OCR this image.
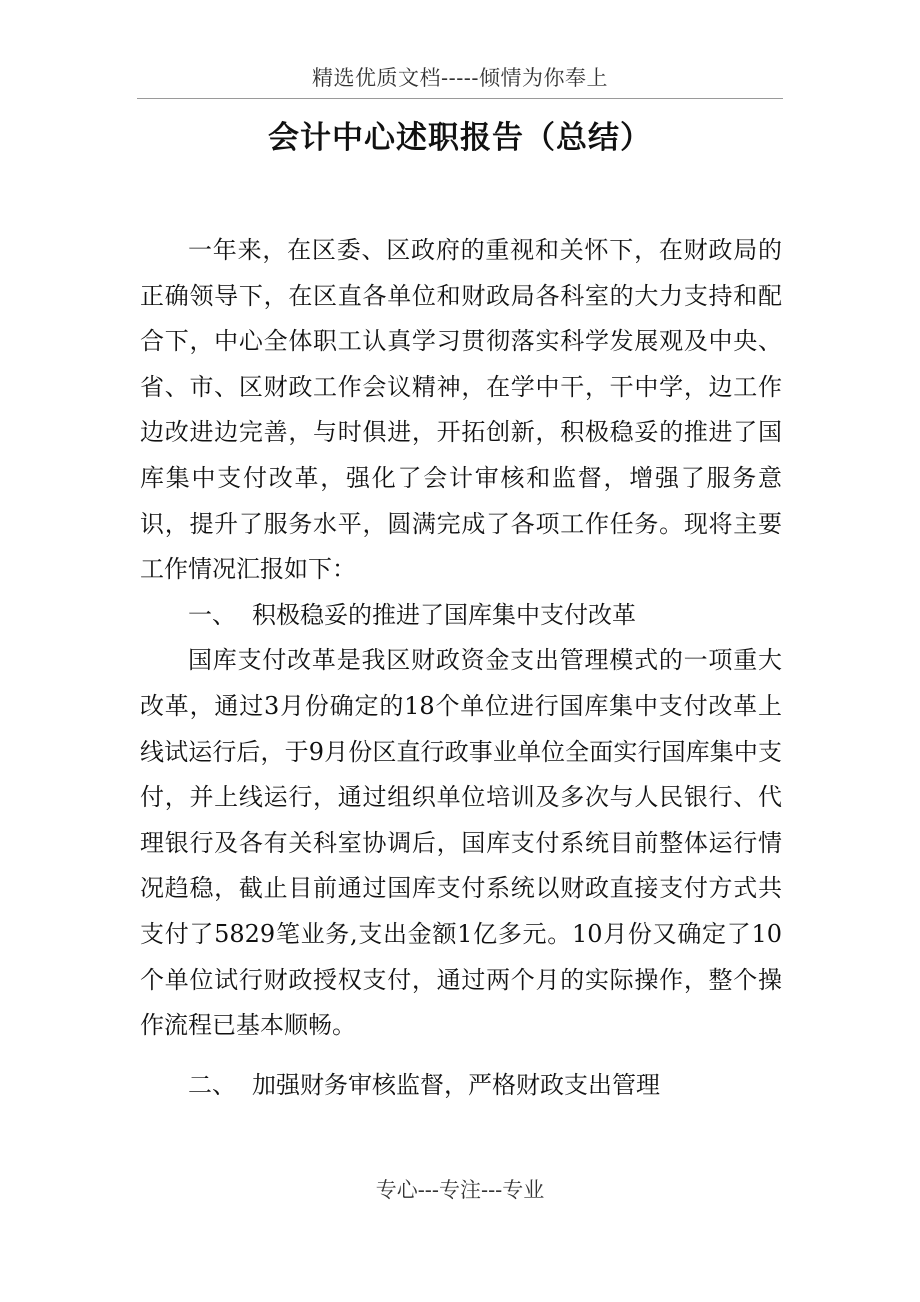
精选优质文档-----倾情为你奉上
会计中心述职报告（总结）

一年来，在区委、区政府的重视和关怀下，在财政局的正确领导下，在区直各单位和财政局各科室的大力支持和配合下，中心全体职工认真学习贯彻落实科学发展观及中央、省、市、区财政工作会议精神，在学中干，干中学，边工作边改进边完善，与时俱进，开拓创新，积极稳妥的推进了国库集中支付改革，强化了会计审核和监督，增强了服务意识，提升了服务水平，圆满完成了各项工作任务。现将主要工作情况汇报如下：

一、 积极稳妥的推进了国库集中支付改革

国库支付改革是我区财政资金支出管理模式的一项重大改革，通过3月份确定的18个单位进行国库集中支付改革上线试运行后，于9月份区直行政事业单位全面实行国库集中支付，并上线运行，通过组织单位培训及多次与人民银行、代理银行及各有关科室协调后，国库支付系统目前整体运行情况趋稳，截止目前通过国库支付系统以财政直接支付方式共支付了5829笔业务,支出金额1亿多元。10月份又确定了10个单位试行财政授权支付，通过两个月的实际操作，整个操作流程已基本顺畅。

二、 加强财务审核监督，严格财政支出管理
专心---专注---专业
